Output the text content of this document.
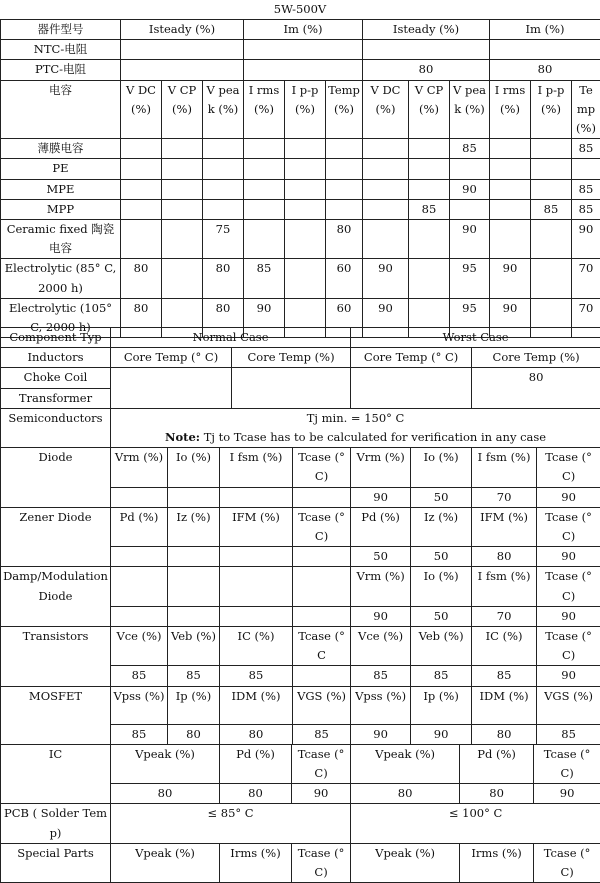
5W-500V
器件型号	Isteady (%)			Im (%)			Isteady (%)			Im (%)		
NTC-电阻												
PTC-电阻							80			80		
电容	V DC (%)	V CP (%)	V peak (%)	I rms (%)	I p-p (%)	Temp (%)	V DC (%)	V CP (%)	V peak (%)	I rms (%)	I p-p (%)	Temp (%)
薄膜电容									85			85
PE												
MPE									90			85
MPP								85			85	85
Ceramic fixed 陶瓷电容			75			80			90			90
Electrolytic (85° C, 2000 h)	80		80	85		60	90		95	90		70
Electrolytic (105° C, 2000 h)	80		80	90		60	90		95	90		70
Component Typ	Normal Case					Worst Case					
Inductors	Core Temp (° C)			Core Temp (%)		Core Temp (° C)			Core Temp (%)		
Choke Coil									80		
Transformer											
Semiconductors	Tj min. = 150° C
Note: Tj to Tcase has to be calculated for verification in any case										

Diode	Vrm (%)	Io (%)	I fsm (%)		Tcase (° C)	Vrm (%)	Io (%)		I fsm (%)		Tcase (° C)
						90	50		70		90
Zener Diode	Pd (%)	Iz (%)	IFM (%)		Tcase (° C)	Pd (%)	Iz (%)		IFM (%)		Tcase (° C)
						50	50		80		90
Damp/Modulation Diode						Vrm (%)	Io (%)		I fsm (%)		Tcase (° C)
						90	50		70		90
Transistors	Vce (%)	Veb (%)	IC (%)		Tcase (° C	Vce (%)	Veb (%)		IC (%)		Tcase (° C)
	85	85	85			85	85		85		90
MOSFET	Vpss (%)	Ip (%)	IDM (%)		VGS (%)	Vpss (%)	Ip (%)		IDM (%)		VGS (%)
	85	80	80		85	90	90		80		85
IC	Vpeak (%)		Pd (%)		Tcase (° C)	Vpeak (%)		Pd (%)		Tcase (° C)	
	80		80		90	80		80		90	
PCB ( Solder Temp)	≤ 85° C					≤ 100° C					
Special Parts	Vpeak (%)		Irms (%)		Tcase (° C)	Vpeak (%)		Irms (%)		Tcase (° C)	
